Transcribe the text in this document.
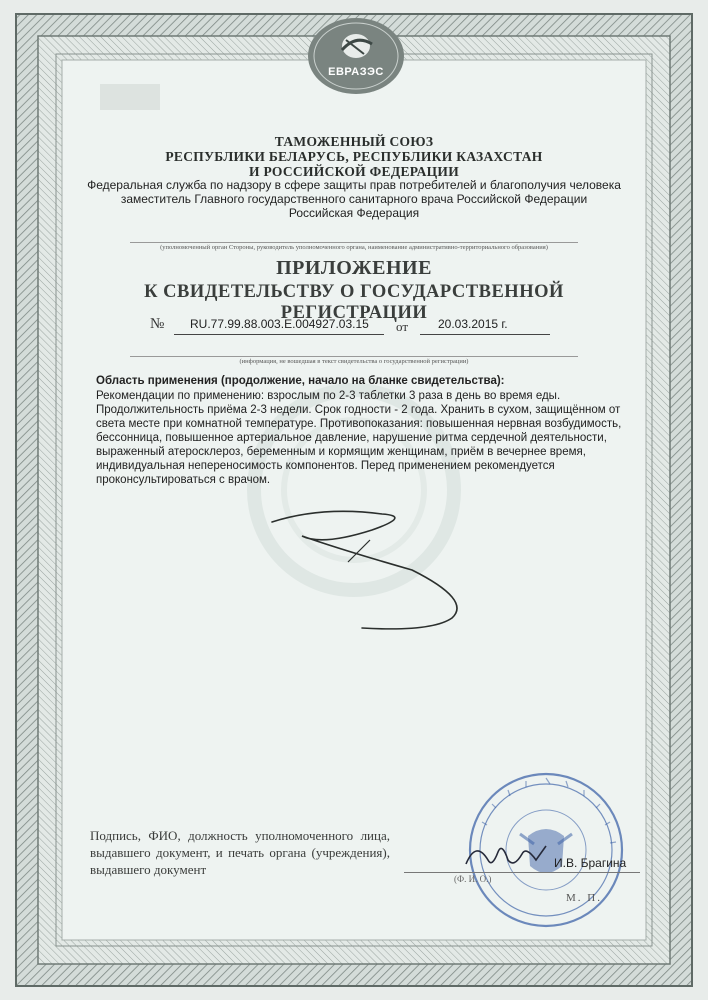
ЕВРАЗЭС
ТАМОЖЕННЫЙ СОЮЗ
РЕСПУБЛИКИ БЕЛАРУСЬ, РЕСПУБЛИКИ КАЗАХСТАН
И РОССИЙСКОЙ ФЕДЕРАЦИИ
Федеральная служба по надзору в сфере защиты прав потребителей и благополучия человека
заместитель Главного государственного санитарного врача Российской Федерации
Российская Федерация
(уполномоченный орган Стороны, руководитель уполномоченного органа, наименование административно-территориального образования)
ПРИЛОЖЕНИЕ
К СВИДЕТЕЛЬСТВУ О ГОСУДАРСТВЕННОЙ РЕГИСТРАЦИИ
№ RU.77.99.88.003.E.004927.03.15 от 20.03.2015 г.
(информация, не вошедшая в текст свидетельства о государственной регистрации)
Область применения (продолжение, начало на бланке свидетельства):
Рекомендации по применению: взрослым по 2-3 таблетки 3 раза в день во время еды.
Продолжительность приёма 2-3 недели. Срок годности - 2 года. Хранить в сухом, защищённом от
света месте при комнатной температуре. Противопоказания: повышенная нервная возбудимость,
бессонница, повышенное артериальное давление, нарушение ритма сердечной деятельности,
выраженный атеросклероз, беременным и кормящим женщинам, приём в вечернее время,
индивидуальная непереносимость компонентов. Перед применением рекомендуется
проконсультироваться с врачом.
Подпись, ФИО, должность уполномоченного лица, выдавшего документ, и печать органа (учреждения), выдавшего документ	И.В. Брагина
(Ф. И. О.)
М. П.
